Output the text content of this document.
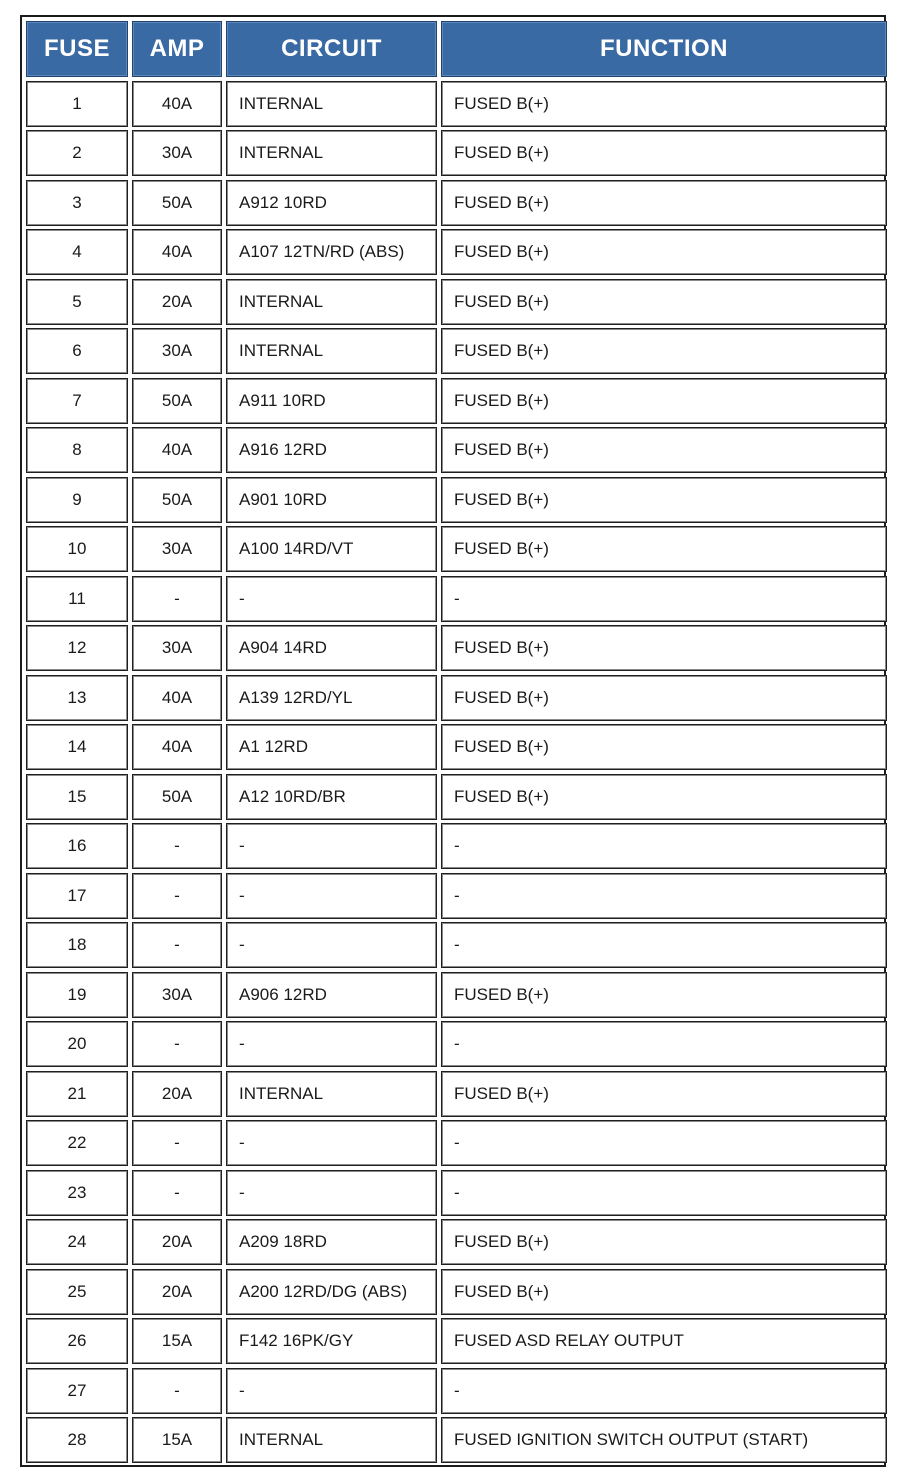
FUSE	AMP	CIRCUIT	FUNCTION
1	40A	INTERNAL	FUSED B(+)
2	30A	INTERNAL	FUSED B(+)
3	50A	A912 10RD	FUSED B(+)
4	40A	A107 12TN/RD (ABS)	FUSED B(+)
5	20A	INTERNAL	FUSED B(+)
6	30A	INTERNAL	FUSED B(+)
7	50A	A911 10RD	FUSED B(+)
8	40A	A916 12RD	FUSED B(+)
9	50A	A901 10RD	FUSED B(+)
10	30A	A100 14RD/VT	FUSED B(+)
11	-	-	-
12	30A	A904 14RD	FUSED B(+)
13	40A	A139 12RD/YL	FUSED B(+)
14	40A	A1 12RD	FUSED B(+)
15	50A	A12 10RD/BR	FUSED B(+)
16	-	-	-
17	-	-	-
18	-	-	-
19	30A	A906 12RD	FUSED B(+)
20	-	-	-
21	20A	INTERNAL	FUSED B(+)
22	-	-	-
23	-	-	-
24	20A	A209 18RD	FUSED B(+)
25	20A	A200 12RD/DG (ABS)	FUSED B(+)
26	15A	F142 16PK/GY	FUSED ASD RELAY OUTPUT
27	-	-	-
28	15A	INTERNAL	FUSED IGNITION SWITCH OUTPUT (START)
